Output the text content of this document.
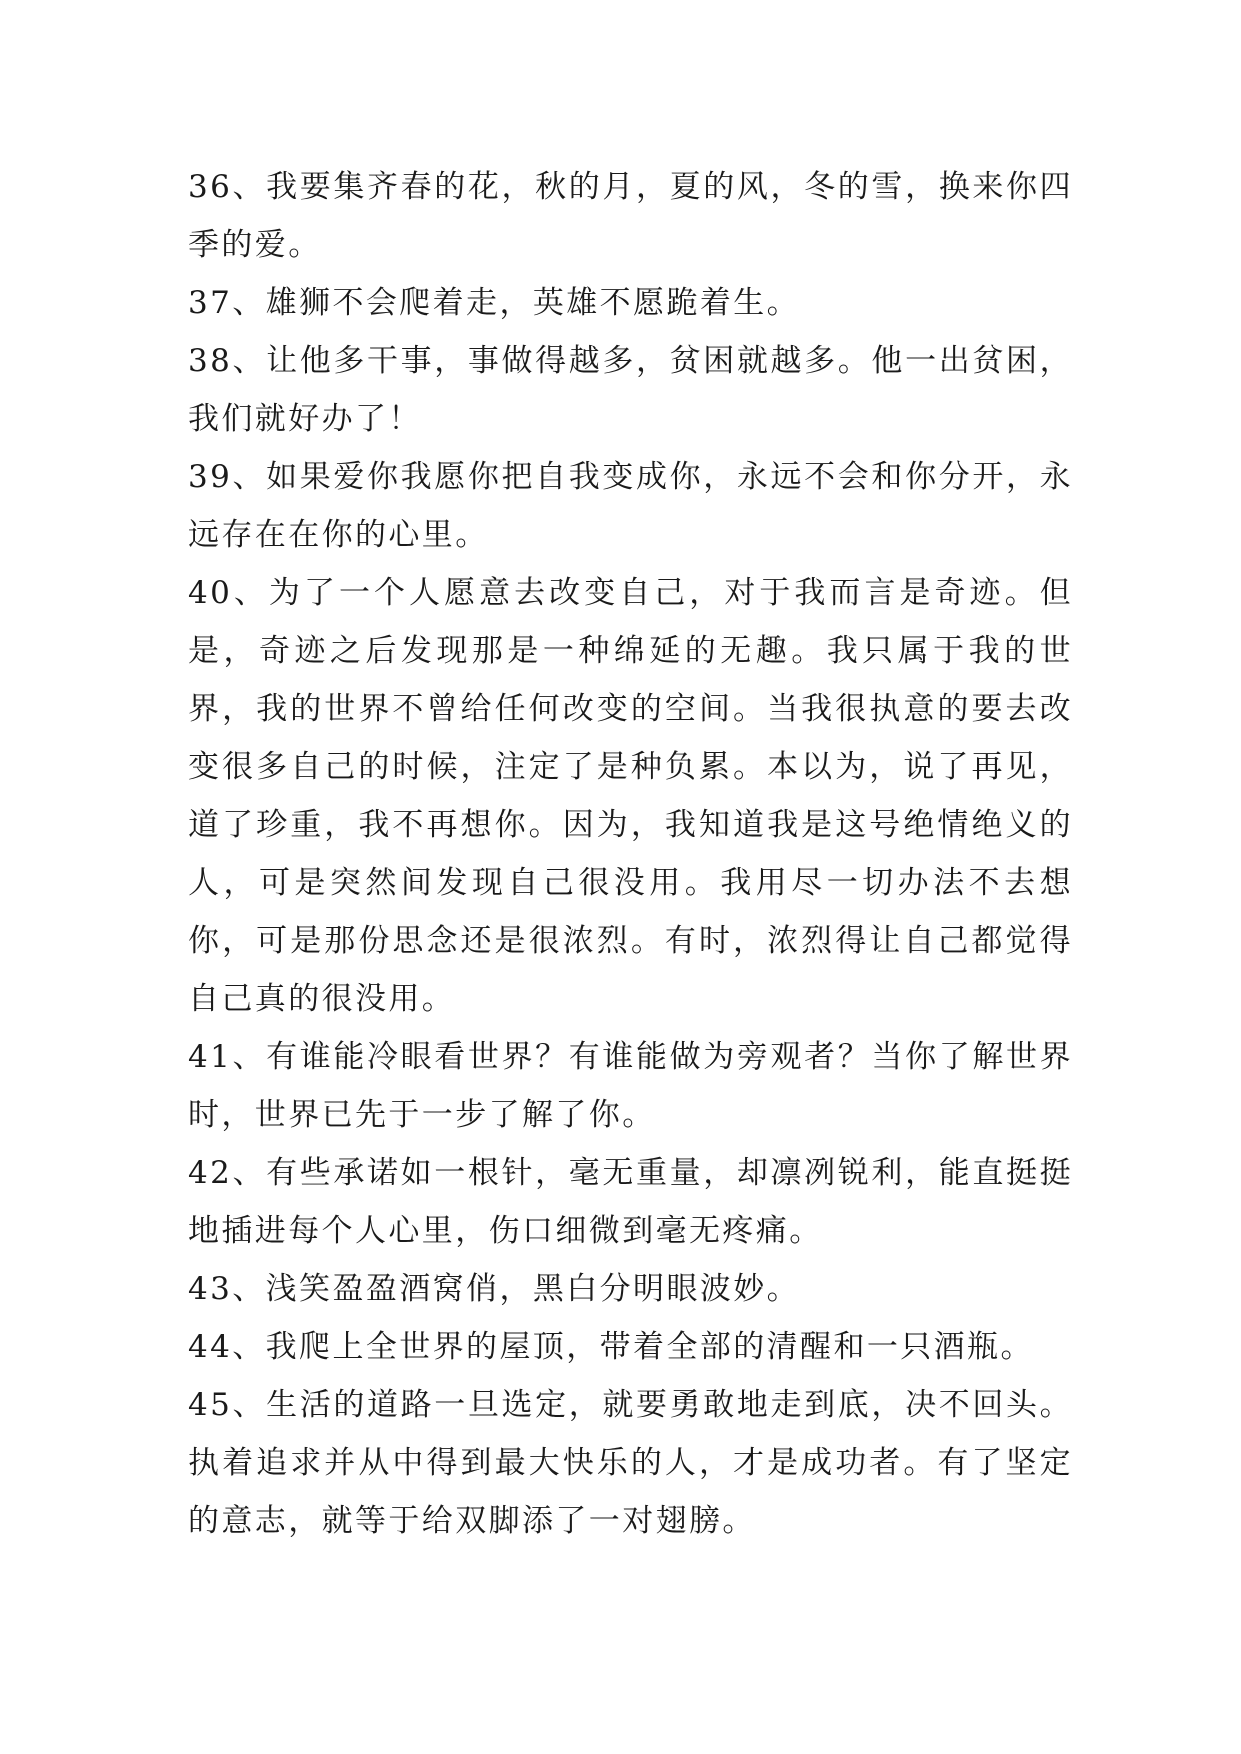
36、我要集齐春的花，秋的月，夏的风，冬的雪，换来你四季的爱。

37、雄狮不会爬着走，英雄不愿跪着生。

38、让他多干事，事做得越多，贫困就越多。他一出贫困，我们就好办了！

39、如果爱你我愿你把自我变成你，永远不会和你分开，永远存在在你的心里。

40、为了一个人愿意去改变自己，对于我而言是奇迹。但是，奇迹之后发现那是一种绵延的无趣。我只属于我的世界，我的世界不曾给任何改变的空间。当我很执意的要去改变很多自己的时候，注定了是种负累。本以为，说了再见，道了珍重，我不再想你。因为，我知道我是这号绝情绝义的人，可是突然间发现自己很没用。我用尽一切办法不去想你，可是那份思念还是很浓烈。有时，浓烈得让自己都觉得自己真的很没用。

41、有谁能冷眼看世界？有谁能做为旁观者？当你了解世界时，世界已先于一步了解了你。

42、有些承诺如一根针，毫无重量，却凛冽锐利，能直挺挺地插进每个人心里，伤口细微到毫无疼痛。

43、浅笑盈盈酒窝俏，黑白分明眼波妙。

44、我爬上全世界的屋顶，带着全部的清醒和一只酒瓶。

45、生活的道路一旦选定，就要勇敢地走到底，决不回头。执着追求并从中得到最大快乐的人，才是成功者。有了坚定的意志，就等于给双脚添了一对翅膀。
